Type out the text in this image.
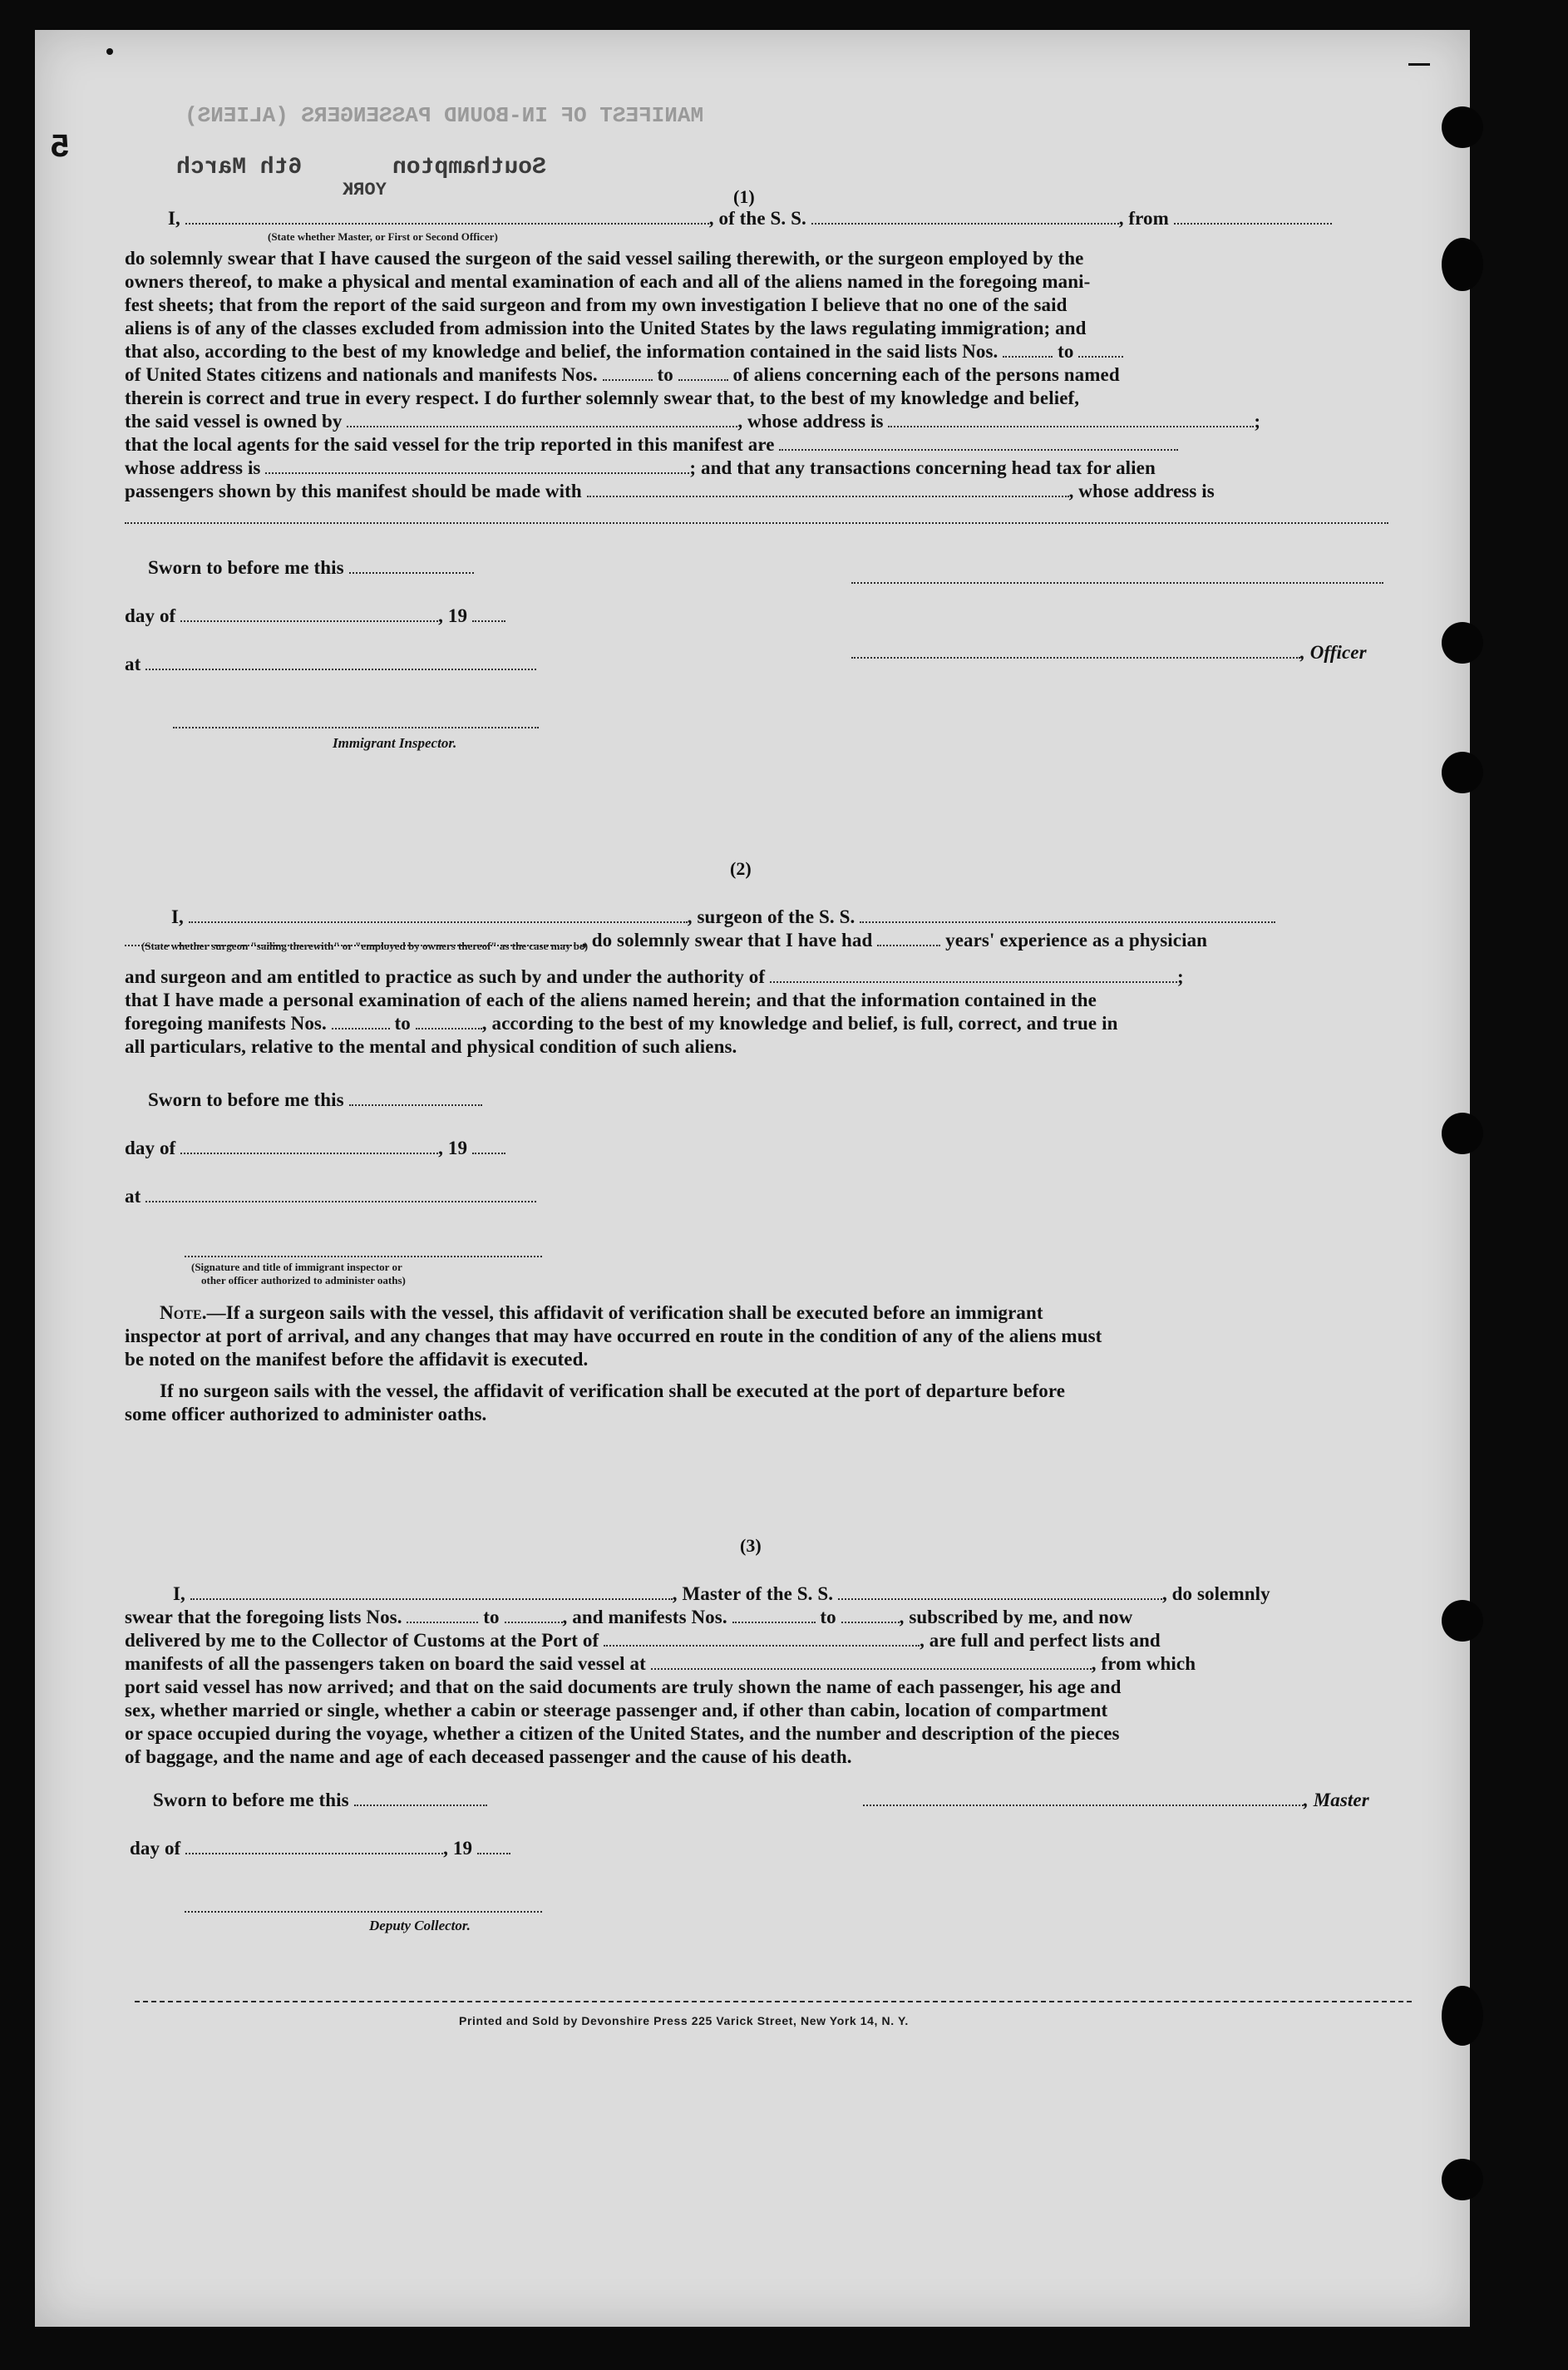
MANIFEST OF IN-BOUND PASSENGERS (ALIENS)
6th March	Southampton
YORK
5
(1)
I,	, of the S. S.	, from
(State whether Master, or First or Second Officer)
do solemnly swear that I have caused the surgeon of the said vessel sailing therewith, or the surgeon employed by the
owners thereof, to make a physical and mental examination of each and all of the aliens named in the foregoing mani-
fest sheets; that from the report of the said surgeon and from my own investigation I believe that no one of the said
aliens is of any of the classes excluded from admission into the United States by the laws regulating immigration; and
that also, according to the best of my knowledge and belief, the information contained in the said lists Nos.	to
of United States citizens and nationals and manifests Nos.	to	of aliens concerning each of the persons named
therein is correct and true in every respect. I do further solemnly swear that, to the best of my knowledge and belief,
the said vessel is owned by	, whose address is	;
that the local agents for the said vessel for the trip reported in this manifest are
whose address is	; and that any transactions concerning head tax for alien
passengers shown by this manifest should be made with	, whose address is
Sworn to before me this
day of	, 19
at
, Officer
Immigrant Inspector.
(2)
I,	, surgeon of the S. S.
(State whether surgeon "sailing therewith" or "employed by owners thereof" as the case may be)
, do solemnly swear that I have had	years' experience as a physician
and surgeon and am entitled to practice as such by and under the authority of	;
that I have made a personal examination of each of the aliens named herein; and that the information contained in the
foregoing manifests Nos.	to	, according to the best of my knowledge and belief, is full, correct, and true in
all particulars, relative to the mental and physical condition of such aliens.
Sworn to before me this
day of	, 19
at
(Signature and title of immigrant inspector or
other officer authorized to administer oaths)
Note.—If a surgeon sails with the vessel, this affidavit of verification shall be executed before an immigrant
inspector at port of arrival, and any changes that may have occurred en route in the condition of any of the aliens must
be noted on the manifest before the affidavit is executed.
If no surgeon sails with the vessel, the affidavit of verification shall be executed at the port of departure before
some officer authorized to administer oaths.
(3)
I,	, Master of the S. S.	, do solemnly
swear that the foregoing lists Nos.	to	, and manifests Nos.	to	, subscribed by me, and now
delivered by me to the Collector of Customs at the Port of	, are full and perfect lists and
manifests of all the passengers taken on board the said vessel at	, from which
port said vessel has now arrived; and that on the said documents are truly shown the name of each passenger, his age and
sex, whether married or single, whether a cabin or steerage passenger and, if other than cabin, location of compartment
or space occupied during the voyage, whether a citizen of the United States, and the number and description of the pieces
of baggage, and the name and age of each deceased passenger and the cause of his death.
Sworn to before me this	, Master
day of	, 19
Deputy Collector.
Printed and Sold by Devonshire Press 225 Varick Street, New York 14, N. Y.
